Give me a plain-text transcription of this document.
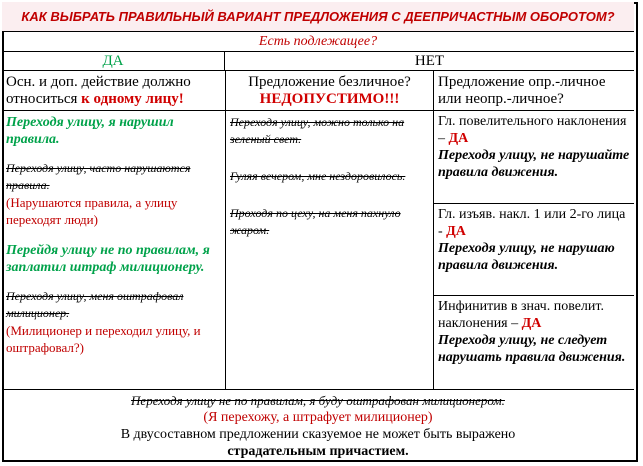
КАК ВЫБРАТЬ ПРАВИЛЬНЫЙ ВАРИАНТ ПРЕДЛОЖЕНИЯ С ДЕЕПРИЧАСТНЫМ ОБОРОТОМ?
Есть подлежащее?
ДА	НЕТ
Осн. и доп. действие должно относиться к одному лицу!

Переходя улицу, я нарушил правила.

Переходя улицу, часто нарушаются правила.

(Нарушаются правила, а улицу переходят люди)

Перейдя улицу не по правилам, я заплатил штраф милиционеру.

Переходя улицу, меня оштрафовал милиционер.

(Милиционер и переходил улицу, и оштрафовал?)

Предложение безличное?

НЕДОПУСТИМО!!!

Переходя улицу, можно только на зеленый свет.

Гуляя вечером, мне нездоровилось.

Проходя по цеху, на меня пахнуло жаром.

Предложение опр.-личное или неопр.-личное?

Гл. повелительного наклонения – ДА

Переходя улицу, не нарушайте правила движения.

Гл. изъяв. накл. 1 или 2-го лица - ДА

Переходя улицу, не нарушаю правила движения.

Инфинитив в знач. повелит. наклонения – ДА

Переходя улицу, не следует нарушать правила движения.

Переходя улицу не по правилам, я буду оштрафован милиционером.

(Я перехожу, а штрафует милиционер)

В двусоставном предложении сказуемое не может быть выражено

страдательным причастием.
